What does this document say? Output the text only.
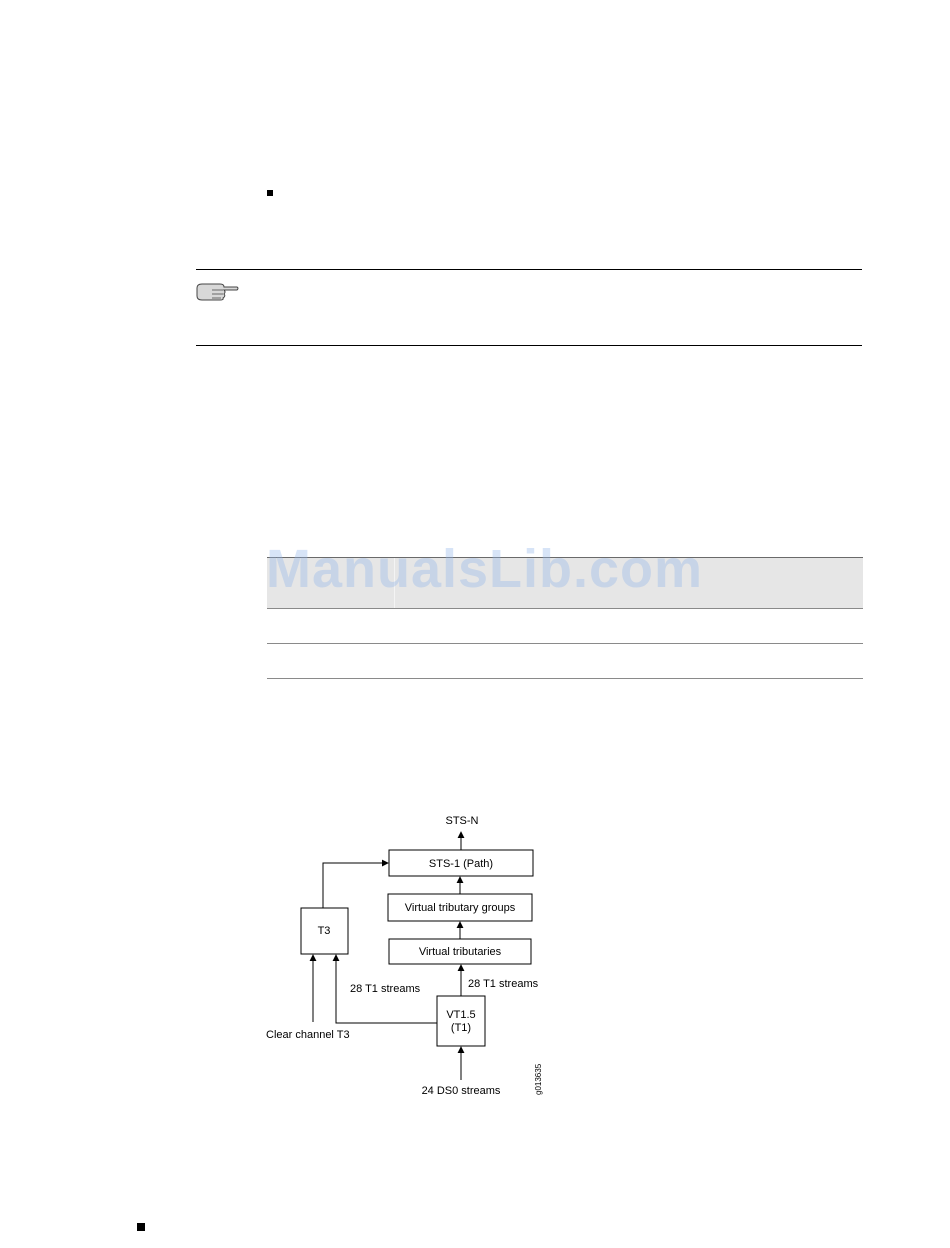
ManualsLib.com
STS-N
STS-1 (Path)
Virtual tributary groups
Virtual tributaries
28 T1 streams
VT1.5
(T1)
24 DS0 streams	g013635
T3
Clear channel T3
28 T1 streams
